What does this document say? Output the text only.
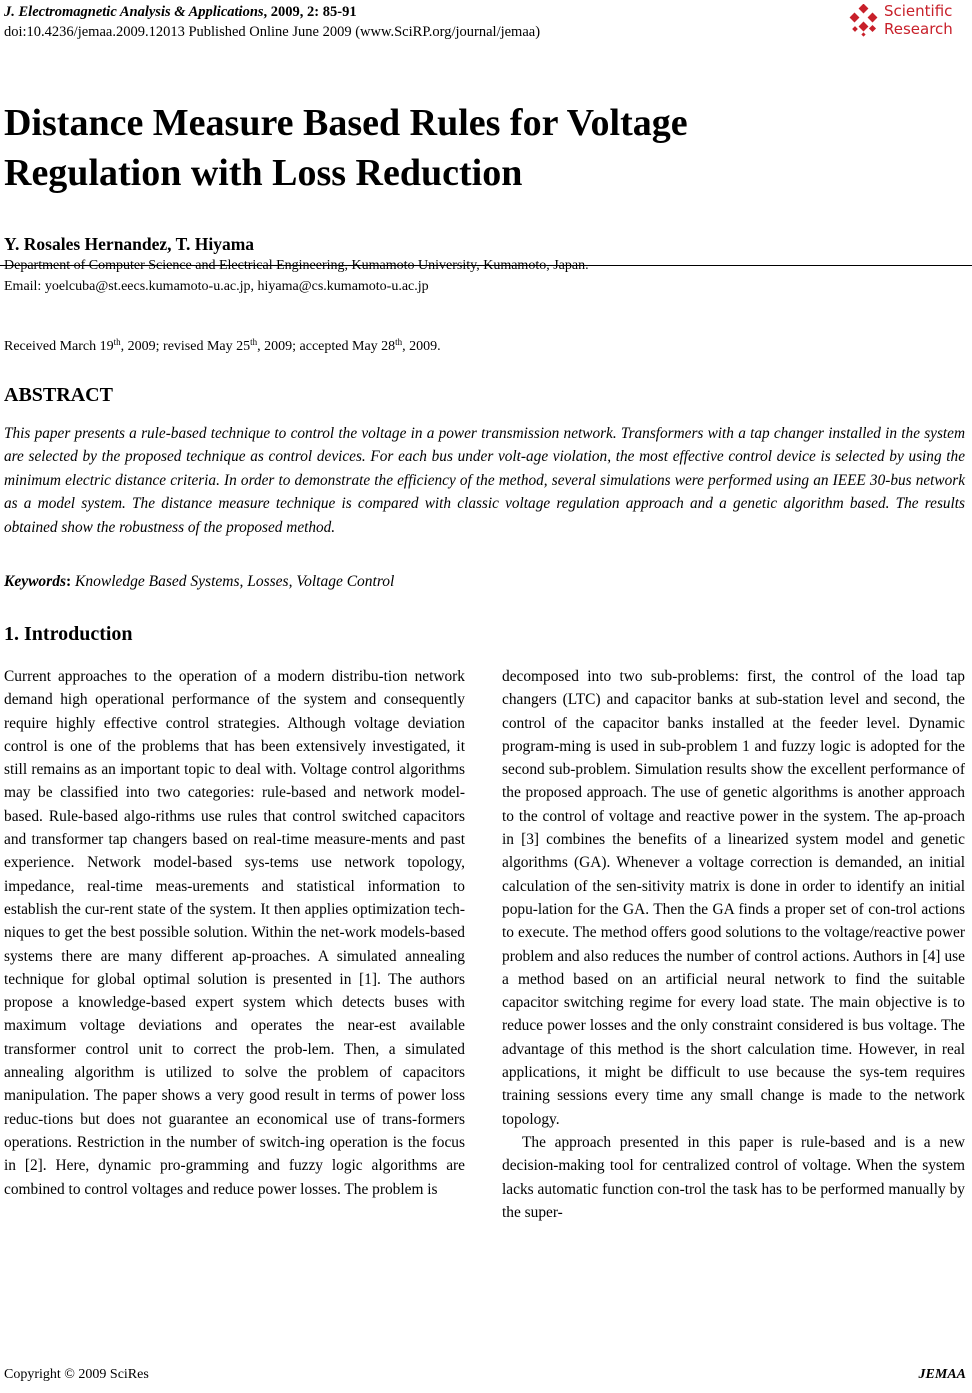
J. Electromagnetic Analysis & Applications, 2009, 2: 85-91
doi:10.4236/jemaa.2009.12013 Published Online June 2009 (www.SciRP.org/journal/jemaa)
Scientific
Research
Distance Measure Based Rules for Voltage
Regulation with Loss Reduction
Y. Rosales Hernandez, T. Hiyama
Department of Computer Science and Electrical Engineering, Kumamoto University, Kumamoto, Japan.
Email: yoelcuba@st.eecs.kumamoto-u.ac.jp, hiyama@cs.kumamoto-u.ac.jp
Received March 19th, 2009; revised May 25th, 2009; accepted May 28th, 2009.
ABSTRACT
This paper presents a rule-based technique to control the voltage in a power transmission network. Transformers with a tap changer installed in the system are selected by the proposed technique as control devices. For each bus under volt-age violation, the most effective control device is selected by using the minimum electric distance criteria. In order to demonstrate the efficiency of the method, several simulations were performed using an IEEE 30-bus network as a model system. The distance measure technique is compared with classic voltage regulation approach and a genetic algorithm based. The results obtained show the robustness of the proposed method.
Keywords: Knowledge Based Systems, Losses, Voltage Control
1. Introduction

Current approaches to the operation of a modern distribu-tion network demand high operational performance of the system and consequently require highly effective control strategies. Although voltage deviation control is one of the problems that has been extensively investigated, it still remains as an important topic to deal with. Voltage control algorithms may be classified into two categories: rule-based and network model-based. Rule-based algo-rithms use rules that control switched capacitors and transformer tap changers based on real-time measure-ments and past experience. Network model-based sys-tems use network topology, impedance, real-time meas-urements and statistical information to establish the cur-rent state of the system. It then applies optimization tech-niques to get the best possible solution. Within the net-work models-based systems there are many different ap-proaches. A simulated annealing technique for global optimal solution is presented in [1]. The authors propose a knowledge-based expert system which detects buses with maximum voltage deviations and operates the near-est available transformer control unit to correct the prob-lem. Then, a simulated annealing algorithm is utilized to solve the problem of capacitors manipulation. The paper shows a very good result in terms of power loss reduc-tions but does not guarantee an economical use of trans-formers operations. Restriction in the number of switch-ing operation is the focus in [2]. Here, dynamic pro-gramming and fuzzy logic algorithms are combined to control voltages and reduce power losses. The problem is

decomposed into two sub-problems: first, the control of the load tap changers (LTC) and capacitor banks at sub-station level and second, the control of the capacitor banks installed at the feeder level. Dynamic program-ming is used in sub-problem 1 and fuzzy logic is adopted for the second sub-problem. Simulation results show the excellent performance of the proposed approach. The use of genetic algorithms is another approach to the control of voltage and reactive power in the system. The ap-proach in [3] combines the benefits of a linearized system model and genetic algorithms (GA). Whenever a voltage correction is demanded, an initial calculation of the sen-sitivity matrix is done in order to identify an initial popu-lation for the GA. Then the GA finds a proper set of con-trol actions to execute. The method offers good solutions to the voltage/reactive power problem and also reduces the number of control actions. Authors in [4] use a method based on an artificial neural network to find the suitable capacitor switching regime for every load state. The main objective is to reduce power losses and the only constraint considered is bus voltage. The advantage of this method is the short calculation time. However, in real applications, it might be difficult to use because the sys-tem requires training sessions every time any small change is made to the network topology.

The approach presented in this paper is rule-based and is a new decision-making tool for centralized control of voltage. When the system lacks automatic function con-trol the task has to be performed manually by the super-

Copyright © 2009 SciRes	JEMAA
